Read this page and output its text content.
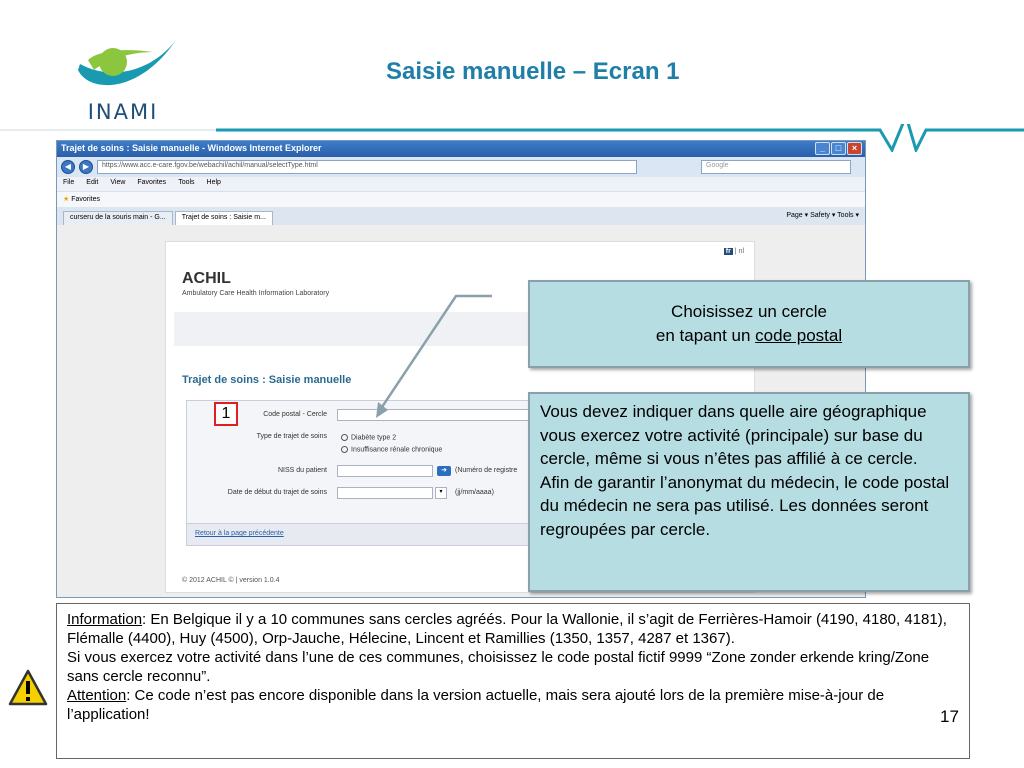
INAMI
Saisie manuelle – Ecran 1
Trajet de soins : Saisie manuelle - Windows Internet Explorer	_	□	×
◀	▶	https://www.acc.e-care.fgov.be/webachil/achil/manual/selectType.html	Google
File Edit View Favorites Tools Help
★ Favorites
curseru de la souris main - G...	Trajet de soins : Saisie m...	Page ▾ Safety ▾ Tools ▾
fr | nl
ACHIL
Ambulatory Care Health Information Laboratory
Trajet de soins : Saisie manuelle
Code postal - Cercle
Type de trajet de soins	Diabète type 2
Insuffisance rénale chronique
NISS du patient	➜	(Numéro de registre
Date de début du trajet de soins	▾	(jj/mm/aaaa)
Retour à la page précédente
© 2012 ACHIL © | version 1.0.4
1
Choisissez un cercle
en tapant un code postal
Vous devez indiquer dans quelle aire géographique vous exercez votre activité (principale) sur base du cercle, même si vous n’êtes pas affilié à ce cercle.
Afin de garantir l’anonymat du médecin, le code postal du médecin ne sera pas utilisé. Les données seront regroupées par cercle.
Information: En Belgique il y a 10 communes sans cercles agréés. Pour la Wallonie, il s’agit de Ferrières-Hamoir (4190, 4180, 4181), Flémalle (4400), Huy (4500), Orp-Jauche, Hélecine, Lincent et Ramillies (1350, 1357, 4287 et 1367).
Si vous exercez votre activité dans l’une de ces communes, choisissez le code postal fictif 9999 “Zone zonder erkende kring/Zone sans cercle reconnu”.
Attention: Ce code n’est pas encore disponible dans la version actuelle, mais sera ajouté lors de la première mise-à-jour de l’application!	17
